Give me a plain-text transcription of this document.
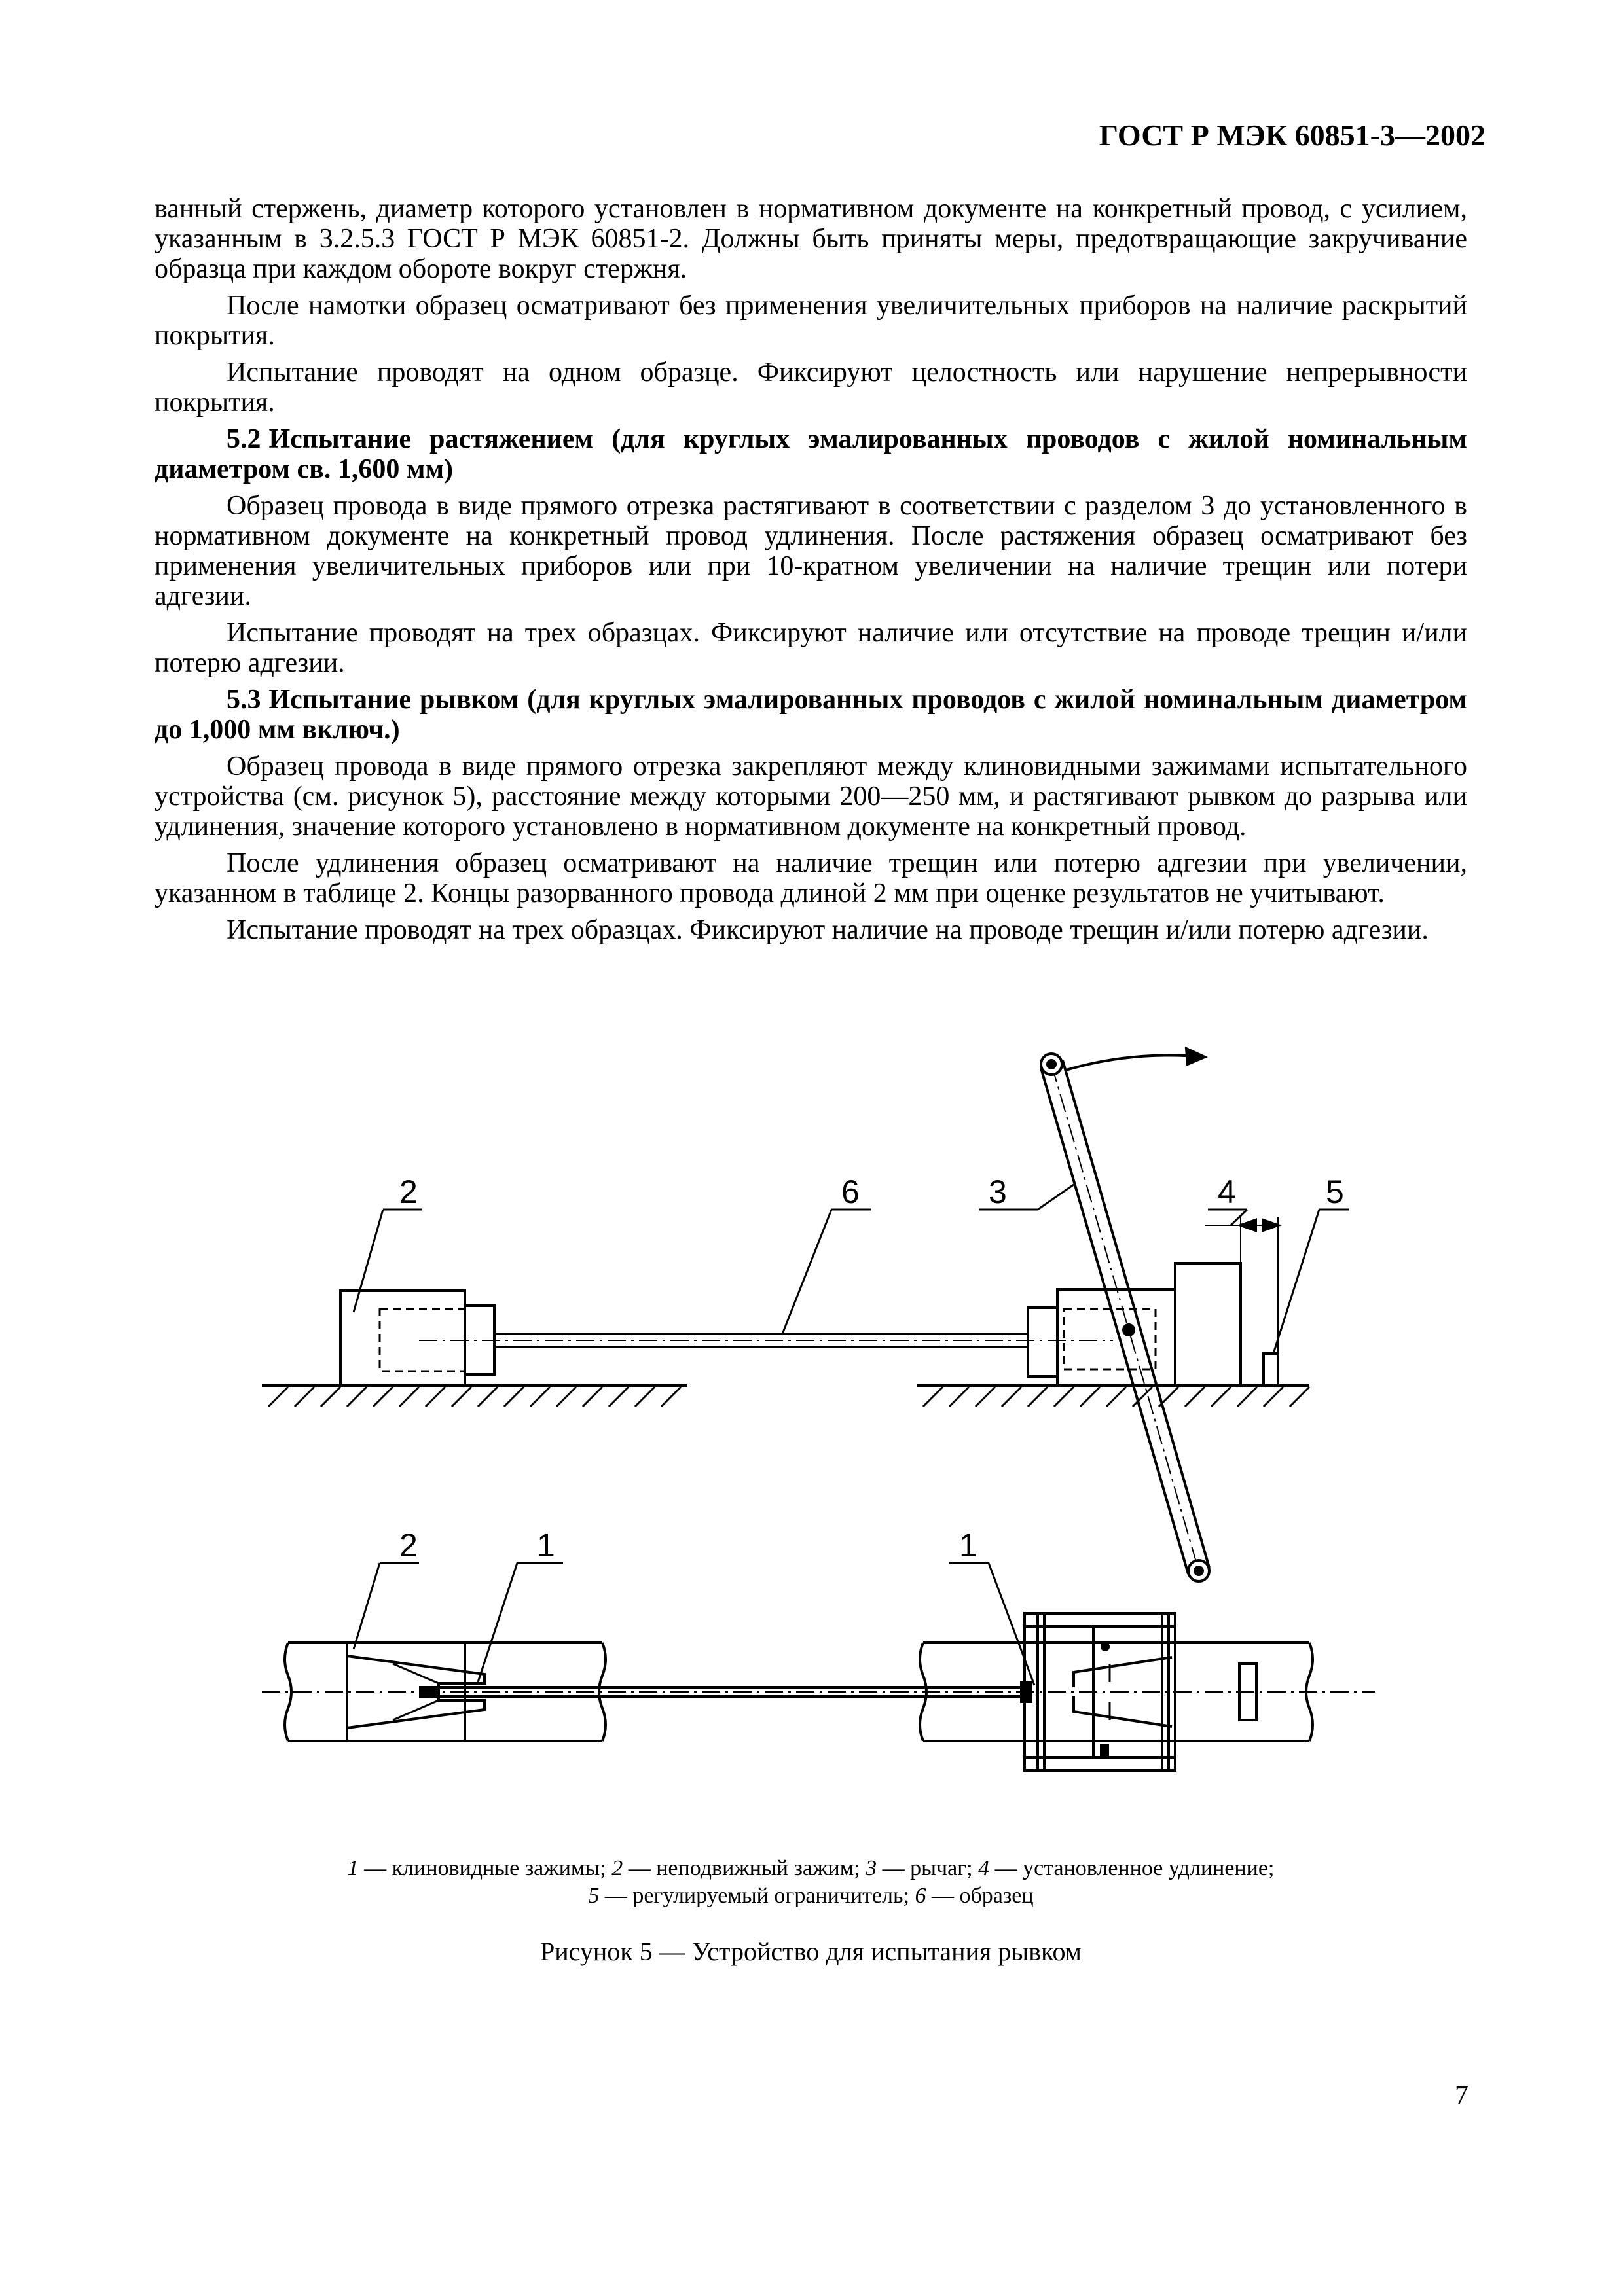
ГОСТ Р МЭК 60851-3—2002

ванный стержень, диаметр которого установлен в нормативном документе на конкретный провод, с усилием, указанным в 3.2.5.3 ГОСТ Р МЭК 60851-2. Должны быть приняты меры, предотвращающие закручивание образца при каждом обороте вокруг стержня.

После намотки образец осматривают без применения увеличительных приборов на наличие раскрытий покрытия.

Испытание проводят на одном образце. Фиксируют целостность или нарушение непрерывности покрытия.

5.2 Испытание растяжением (для круглых эмалированных проводов с жилой номинальным диаметром св. 1,600 мм)

Образец провода в виде прямого отрезка растягивают в соответствии с разделом 3 до установленного в нормативном документе на конкретный провод удлинения. После растяжения образец осматривают без применения увеличительных приборов или при 10-кратном увеличении на наличие трещин или потери адгезии.

Испытание проводят на трех образцах. Фиксируют наличие или отсутствие на проводе трещин и/или потерю адгезии.

5.3 Испытание рывком (для круглых эмалированных проводов с жилой номинальным диаметром до 1,000 мм включ.)

Образец провода в виде прямого отрезка закрепляют между клиновидными зажимами испытательного устройства (см. рисунок 5), расстояние между которыми 200—250 мм, и растягивают рывком до разрыва или удлинения, значение которого установлено в нормативном документе на конкретный провод.

После удлинения образец осматривают на наличие трещин или потерю адгезии при увеличении, указанном в таблице 2. Концы разорванного провода длиной 2 мм при оценке результатов не учитывают.

Испытание проводят на трех образцах. Фиксируют наличие на проводе трещин и/или потерю адгезии.

2	6	3	4	5
2	1	1
1 — клиновидные зажимы; 2 — неподвижный зажим; 3 — рычаг; 4 — установленное удлинение;
5 — регулируемый ограничитель; 6 — образец
Рисунок 5 — Устройство для испытания рывком
7
